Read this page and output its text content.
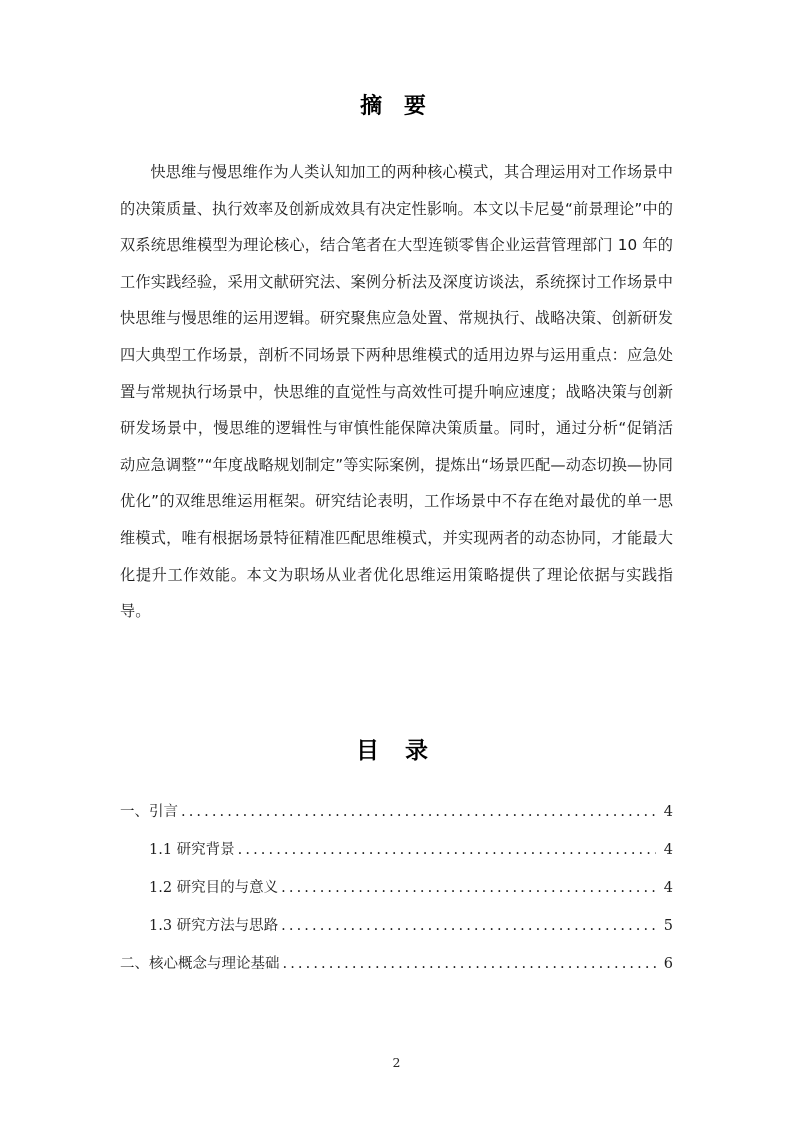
摘 要

快思维与慢思维作为人类认知加工的两种核心模式，其合理运用对工作场景中的决策质量、执行效率及创新成效具有决定性影响。本文以卡尼曼“前景理论”中的双系统思维模型为理论核心，结合笔者在大型连锁零售企业运营管理部门 10 年的工作实践经验，采用文献研究法、案例分析法及深度访谈法，系统探讨工作场景中快思维与慢思维的运用逻辑。研究聚焦应急处置、常规执行、战略决策、创新研发四大典型工作场景，剖析不同场景下两种思维模式的适用边界与运用重点：应急处置与常规执行场景中，快思维的直觉性与高效性可提升响应速度；战略决策与创新研发场景中，慢思维的逻辑性与审慎性能保障决策质量。同时，通过分析“促销活动应急调整”“年度战略规划制定”等实际案例，提炼出“场景匹配—动态切换—协同优化”的双维思维运用框架。研究结论表明，工作场景中不存在绝对最优的单一思维模式，唯有根据场景特征精准匹配思维模式，并实现两者的动态协同，才能最大化提升工作效能。本文为职场从业者优化思维运用策略提供了理论依据与实践指导。

目 录
一、引言 .....	4
1.1 研究背景 .....	4
1.2 研究目的与意义 .....	4
1.3 研究方法与思路 .....	5
二、核心概念与理论基础 .....	6
2
